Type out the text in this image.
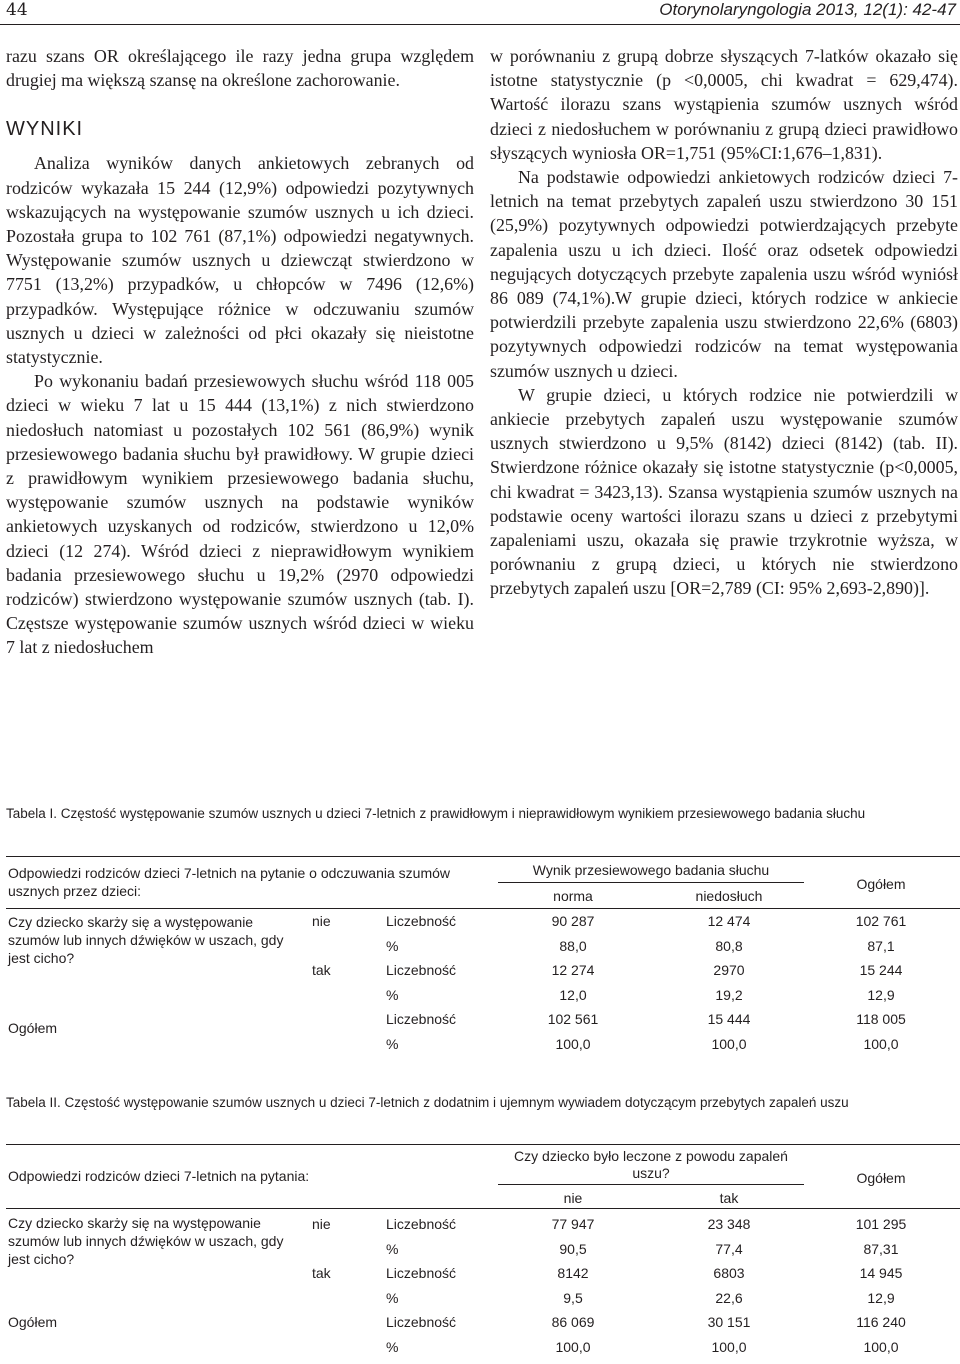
44	Otorynolaryngologia 2013, 12(1): 42-47

razu szans OR określającego ile razy jedna grupa względem drugiej ma większą szansę na określone zachorowanie.

WYNIKI

Analiza wyników danych ankietowych zebranych od rodziców wykazała 15 244 (12,9%) odpowiedzi pozytywnych wskazujących na występowanie szumów usznych u ich dzieci. Pozostała grupa to 102 761 (87,1%) odpowiedzi negatywnych. Występowanie szumów usznych u dziewcząt stwierdzono w 7751 (13,2%) przypadków, u chłopców w 7496 (12,6%) przypadków. Występujące różnice w odczuwaniu szumów usznych u dzieci w zależności od płci okazały się nieistotne statystycznie.

Po wykonaniu badań przesiewowych słuchu wśród 118 005 dzieci w wieku 7 lat u 15 444 (13,1%) z nich stwierdzono niedosłuch natomiast u pozostałych 102 561 (86,9%) wynik przesiewowego badania słuchu był prawidłowy. W grupie dzieci z prawidłowym wynikiem przesiewowego badania słuchu, występowanie szumów usznych na podstawie wyników ankietowych uzyskanych od rodziców, stwierdzono u 12,0% dzieci (12 274). Wśród dzieci z nieprawidłowym wynikiem badania przesiewowego słuchu u 19,2% (2970 odpowiedzi rodziców) stwierdzono występowanie szumów usznych (tab. I). Częstsze występowanie szumów usznych wśród dzieci w wieku 7 lat z niedosłuchem

w porównaniu z grupą dobrze słyszących 7-latków okazało się istotne statystycznie (p <0,0005, chi kwadrat = 629,474). Wartość ilorazu szans wystąpienia szumów usznych wśród dzieci z niedosłuchem w porównaniu z grupą dzieci prawidłowo słyszących wyniosła OR=1,751 (95%CI:1,676–1,831).

Na podstawie odpowiedzi ankietowych rodziców dzieci 7-letnich na temat przebytych zapaleń uszu stwierdzono 30 151 (25,9%) pozytywnych odpowiedzi potwierdzających przebyte zapalenia uszu u ich dzieci. Ilość oraz odsetek odpowiedzi negujących dotyczących przebyte zapalenia uszu wśród wyniósł 86 089 (74,1%).W grupie dzieci, których rodzice w ankiecie potwierdzili przebyte zapalenia uszu stwierdzono 22,6% (6803) pozytywnych odpowiedzi rodziców na temat występowania szumów usznych u dzieci.

W grupie dzieci, u których rodzice nie potwierdzili w ankiecie przebytych zapaleń uszu występowanie szumów usznych stwierdzono u 9,5% (8142) dzieci (8142) (tab. II). Stwierdzone różnice okazały się istotne statystycznie (p<0,0005, chi kwadrat = 3423,13). Szansa wystąpienia szumów usznych na podstawie oceny wartości ilorazu szans u dzieci z przebytymi zapaleniami uszu, okazała się prawie trzykrotnie wyższa, w porównaniu z grupą dzieci, u których nie stwierdzono przebytych zapaleń uszu [OR=2,789 (CI: 95% 2,693-2,890)].

Tabela I. Częstość występowanie szumów usznych u dzieci 7-letnich z prawidłowym i nieprawidłowym wynikiem przesiewowego badania słuchu
Odpowiedzi rodziców dzieci 7-letnich na pytanie o odczuwania szumów usznych przez dzieci:
Wynik przesiewowego badania słuchu
norma	niedosłuch
Ogółem
Czy dziecko skarży się a występowanie szumów lub innych dźwięków w uszach, gdy jest cicho?
Ogółem
nie	Liczebność	90 287	12 474	102 761
%	88,0	80,8	87,1
tak	Liczebność	12 274	2970	15 244
%	12,0	19,2	12,9
Liczebność	102 561	15 444	118 005
%	100,0	100,0	100,0
Tabela II. Częstość występowanie szumów usznych u dzieci 7-letnich z dodatnim i ujemnym wywiadem dotyczącym przebytych zapaleń uszu
Odpowiedzi rodziców dzieci 7-letnich na pytania:
Czy dziecko było leczone z powodu zapaleń uszu?
nie	tak
Ogółem
Czy dziecko skarży się na występowanie szumów lub innych dźwięków w uszach, gdy jest cicho?
Ogółem
nie	Liczebność	77 947	23 348	101 295
%	90,5	77,4	87,31
tak	Liczebność	8142	6803	14 945
%	9,5	22,6	12,9
Liczebność	86 069	30 151	116 240
%	100,0	100,0	100,0
